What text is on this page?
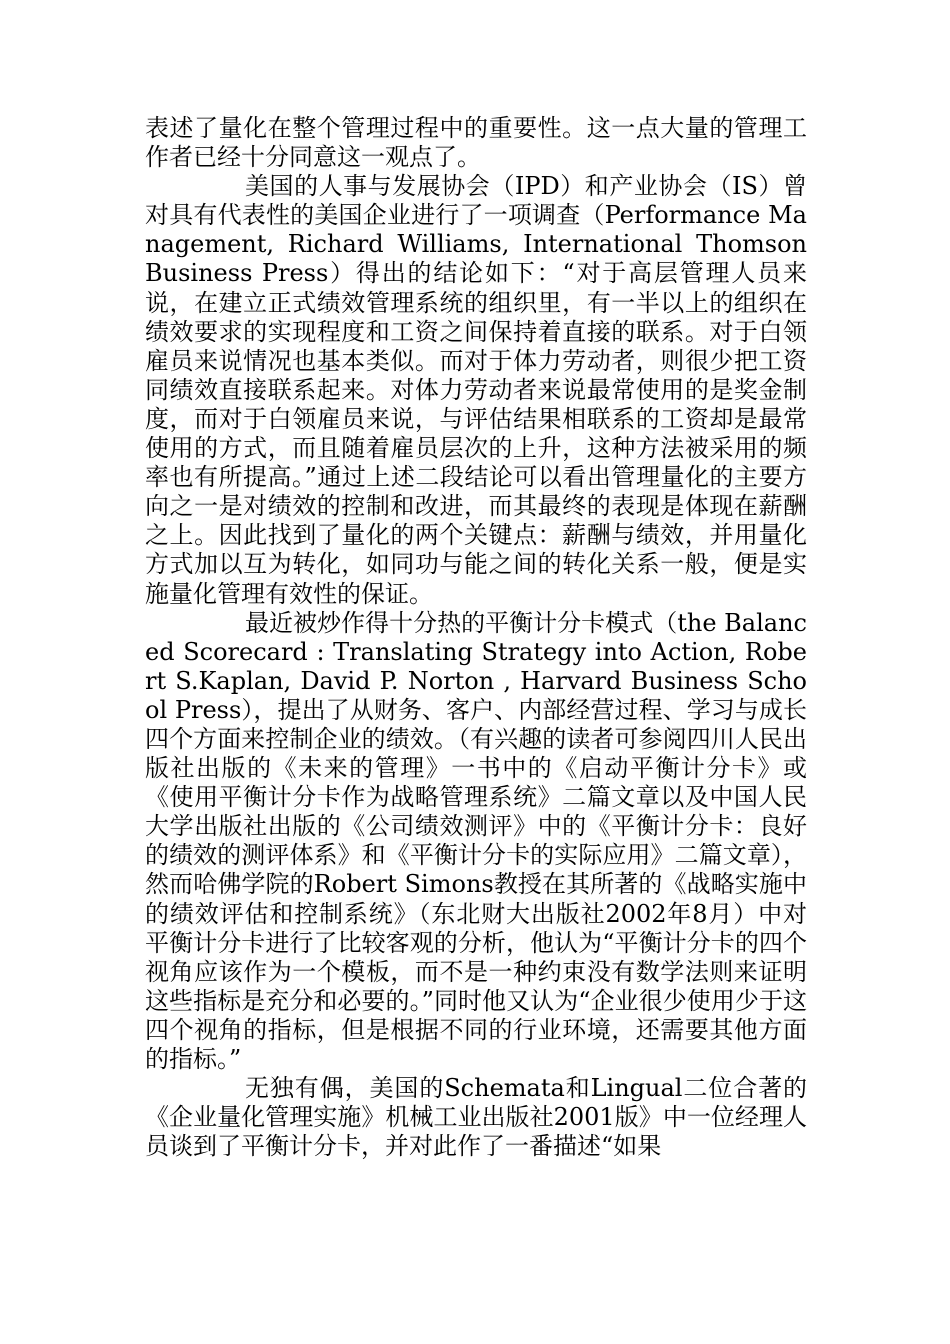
表述了量化在整个管理过程中的重要性。这一点大量的管理工作者已经十分同意这一观点了。

美国的人事与发展协会（IPD）和产业协会（IS）曾对具有代表性的美国企业进行了一项调查（Performance Management, Richard Williams, International Thomson Business Press）得出的结论如下：“对于高层管理人员来说，在建立正式绩效管理系统的组织里，有一半以上的组织在绩效要求的实现程度和工资之间保持着直接的联系。对于白领雇员来说情况也基本类似。而对于体力劳动者，则很少把工资同绩效直接联系起来。对体力劳动者来说最常使用的是奖金制度，而对于白领雇员来说，与评估结果相联系的工资却是最常使用的方式，而且随着雇员层次的上升，这种方法被采用的频率也有所提高。”通过上述二段结论可以看出管理量化的主要方向之一是对绩效的控制和改进，而其最终的表现是体现在薪酬之上。因此找到了量化的两个关键点：薪酬与绩效，并用量化方式加以互为转化，如同功与能之间的转化关系一般，便是实施量化管理有效性的保证。

最近被炒作得十分热的平衡计分卡模式（the Balanced Scorecard : Translating Strategy into Action, Robert S.Kaplan, David P. Norton , Harvard Business School Press），提出了从财务、客户、内部经营过程、学习与成长四个方面来控制企业的绩效。（有兴趣的读者可参阅四川人民出版社出版的《未来的管理》一书中的《启动平衡计分卡》或《使用平衡计分卡作为战略管理系统》二篇文章以及中国人民大学出版社出版的《公司绩效测评》中的《平衡计分卡：良好的绩效的测评体系》和《平衡计分卡的实际应用》二篇文章），然而哈佛学院的Robert Simons教授在其所著的《战略实施中的绩效评估和控制系统》（东北财大出版社2002年8月）中对平衡计分卡进行了比较客观的分析，他认为“平衡计分卡的四个视角应该作为一个模板，而不是一种约束没有数学法则来证明这些指标是充分和必要的。”同时他又认为“企业很少使用少于这四个视角的指标，但是根据不同的行业环境，还需要其他方面的指标。”

无独有偶，美国的Schemata和Lingual二位合著的《企业量化管理实施》机械工业出版社2001版》中一位经理人员谈到了平衡计分卡，并对此作了一番描述“如果
